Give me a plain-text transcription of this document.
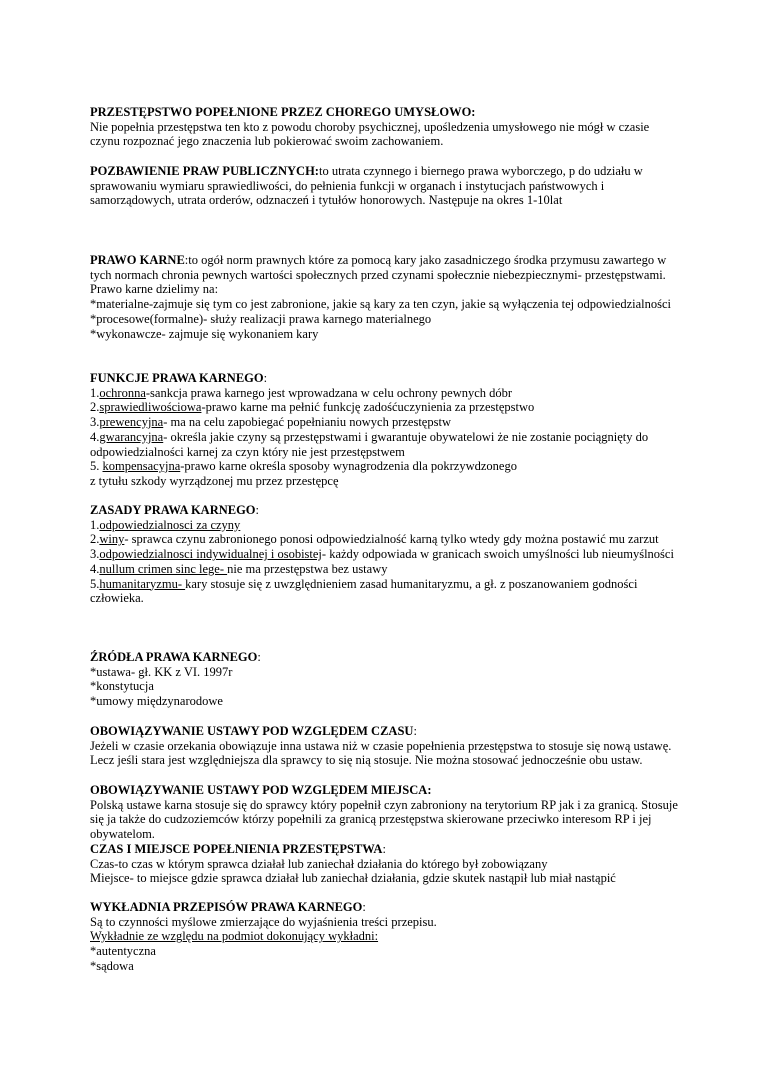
PRZESTĘPSTWO POPEŁNIONE PRZEZ CHOREGO UMYSŁOWO:

Nie popełnia przestępstwa ten kto z powodu choroby psychicznej, upośledzenia umysłowego nie mógł w czasie czynu rozpoznać jego znaczenia lub pokierować swoim zachowaniem.

POZBAWIENIE PRAW PUBLICZNYCH:to utrata czynnego i biernego prawa wyborczego, p do udziału w sprawowaniu wymiaru sprawiedliwości, do pełnienia funkcji w organach i instytucjach państwowych i samorządowych, utrata orderów, odznaczeń i tytułów honorowych. Następuje na okres 1-10lat

PRAWO KARNE:to ogół norm prawnych które za pomocą kary jako zasadniczego środka przymusu zawartego w tych normach chronia pewnych wartości społecznych przed czynami społecznie niebezpiecznymi- przestępstwami. Prawo karne dzielimy na:

*materialne-zajmuje się tym co jest zabronione, jakie są kary za ten czyn, jakie są wyłączenia tej odpowiedzialności

*procesowe(formalne)- służy realizacji prawa karnego materialnego

*wykonawcze- zajmuje się wykonaniem kary

FUNKCJE PRAWA KARNEGO:

1.ochronna-sankcja prawa karnego jest wprowadzana w celu ochrony pewnych dóbr

2.sprawiedliwościowa-prawo karne ma pełnić funkcję zadośćuczynienia za przestępstwo

3.prewencyjna- ma na celu zapobiegać popełnianiu nowych przestępstw

4.gwarancyjna- określa jakie czyny są przestępstwami i gwarantuje obywatelowi że nie zostanie pociągnięty do odpowiedzialności karnej za czyn który nie jest przestępstwem

5. kompensacyjna-prawo karne określa sposoby wynagrodzenia dla pokrzywdzonego

z tytułu szkody wyrządzonej mu przez przestępcę

ZASADY PRAWA KARNEGO:

1.odpowiedzialnosci za czyny

2.winy- sprawca czynu zabronionego ponosi odpowiedzialność karną tylko wtedy gdy można postawić mu zarzut

3.odpowiedzialnosci indywidualnej i osobistej- każdy odpowiada w granicach swoich umyślności lub nieumyślności

4.nullum crimen sinc lege- nie ma przestępstwa bez ustawy

5.humanitaryzmu- kary stosuje się z uwzględnieniem zasad humanitaryzmu, a gł. z poszanowaniem godności człowieka.

ŹRÓDŁA PRAWA KARNEGO:

*ustawa- gł. KK z VI. 1997r

*konstytucja

*umowy międzynarodowe

OBOWIĄZYWANIE USTAWY POD WZGLĘDEM CZASU:

Jeżeli w czasie orzekania obowiązuje inna ustawa niż w czasie popełnienia przestępstwa to stosuje się nową ustawę. Lecz jeśli stara jest względniejsza dla sprawcy to się nią stosuje. Nie można stosować jednocześnie obu ustaw.

OBOWIĄZYWANIE USTAWY POD WZGLĘDEM MIEJSCA:

Polską ustawe karna stosuje się do sprawcy który popełnił czyn zabroniony na terytorium RP jak i za granicą. Stosuje się ja także do cudzoziemców którzy popełnili za granicą przestępstwa skierowane przeciwko interesom RP i jej obywatelom.

CZAS I MIEJSCE POPEŁNIENIA PRZESTĘPSTWA:

Czas-to czas w którym sprawca działał lub zaniechał działania do którego był zobowiązany

Miejsce- to miejsce gdzie sprawca działał lub zaniechał działania, gdzie skutek nastąpił lub miał nastąpić

WYKŁADNIA PRZEPISÓW PRAWA KARNEGO:

Są to czynności myślowe zmierzające do wyjaśnienia treści przepisu.

Wykładnie ze względu na podmiot dokonujący wykładni:

*autentyczna

*sądowa
